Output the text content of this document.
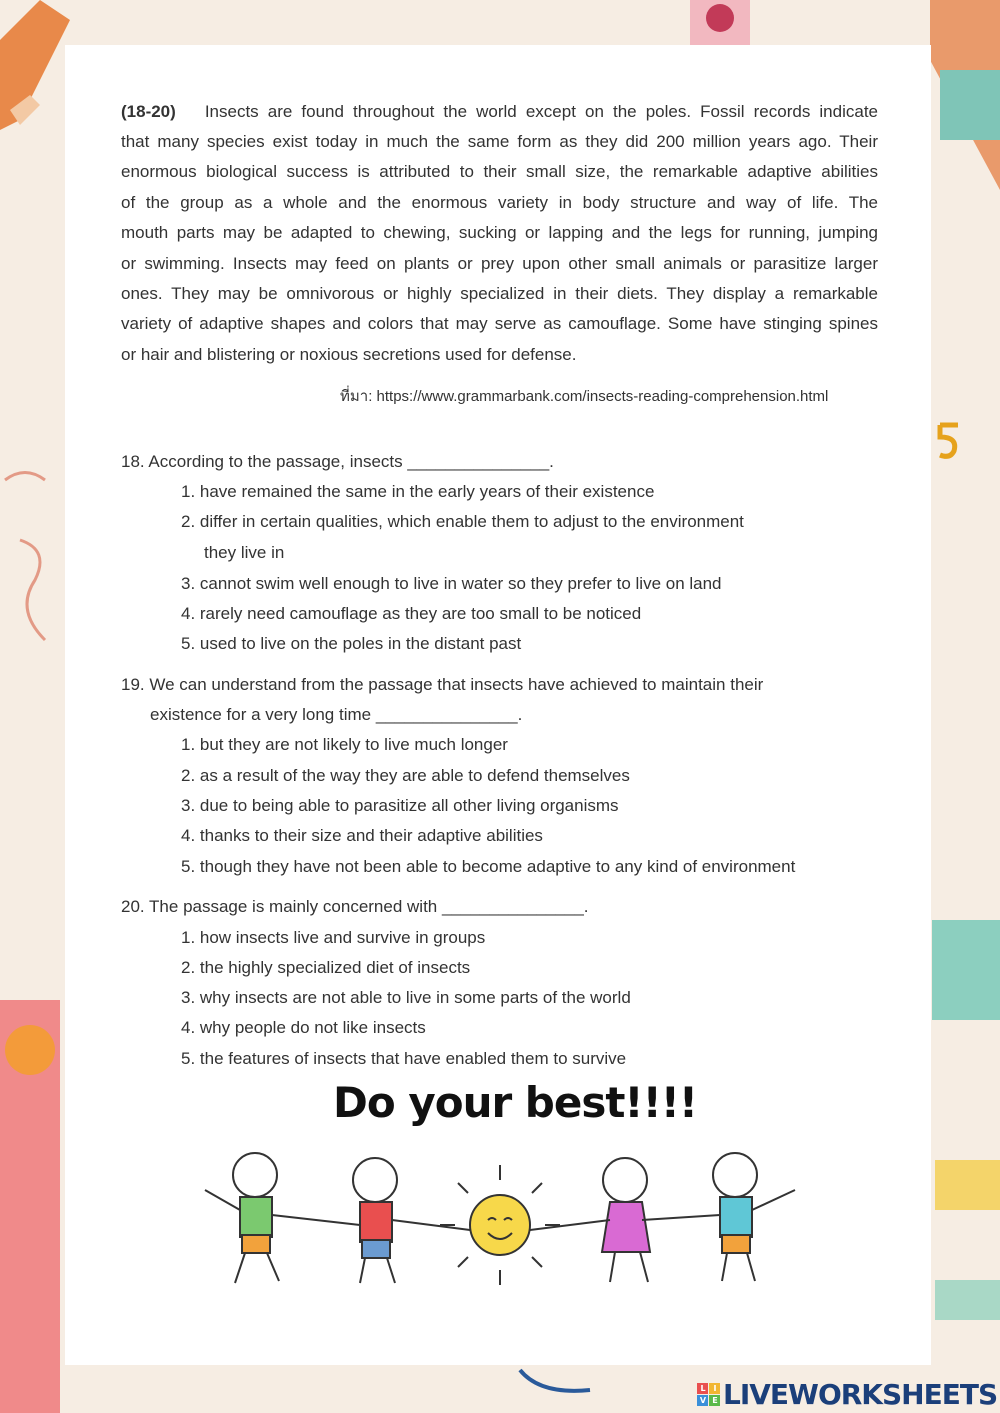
(18-20) Insects are found throughout the world except on the poles. Fossil records indicate
that many species exist today in much the same form as they did 200 million years ago. Their
enormous biological success is attributed to their small size, the remarkable adaptive abilities
of the group as a whole and the enormous variety in body structure and way of life. The
mouth parts may be adapted to chewing, sucking or lapping and the legs for running, jumping
or swimming. Insects may feed on plants or prey upon other small animals or parasitize larger
ones. They may be omnivorous or highly specialized in their diets. They display a remarkable
variety of adaptive shapes and colors that may serve as camouflage. Some have stinging spines
or hair and blistering or noxious secretions used for defense.
ที่มา: https://www.grammarbank.com/insects-reading-comprehension.html
18. According to the passage, insects _______________.
1. have remained the same in the early years of their existence
2. differ in certain qualities, which enable them to adjust to the environment
they live in
3. cannot swim well enough to live in water so they prefer to live on land
4. rarely need camouflage as they are too small to be noticed
5. used to live on the poles in the distant past
19. We can understand from the passage that insects have achieved to maintain their
existence for a very long time _______________.
1. but they are not likely to live much longer
2. as a result of the way they are able to defend themselves
3. due to being able to parasitize all other living organisms
4. thanks to their size and their adaptive abilities
5. though they have not been able to become adaptive to any kind of environment
20. The passage is mainly concerned with _______________.
1. how insects live and survive in groups
2. the highly specialized diet of insects
3. why insects are not able to live in some parts of the world
4. why people do not like insects
5. the features of insects that have enabled them to survive
Do your best!!!!
L	I
V E LIVEWORKSHEETS
